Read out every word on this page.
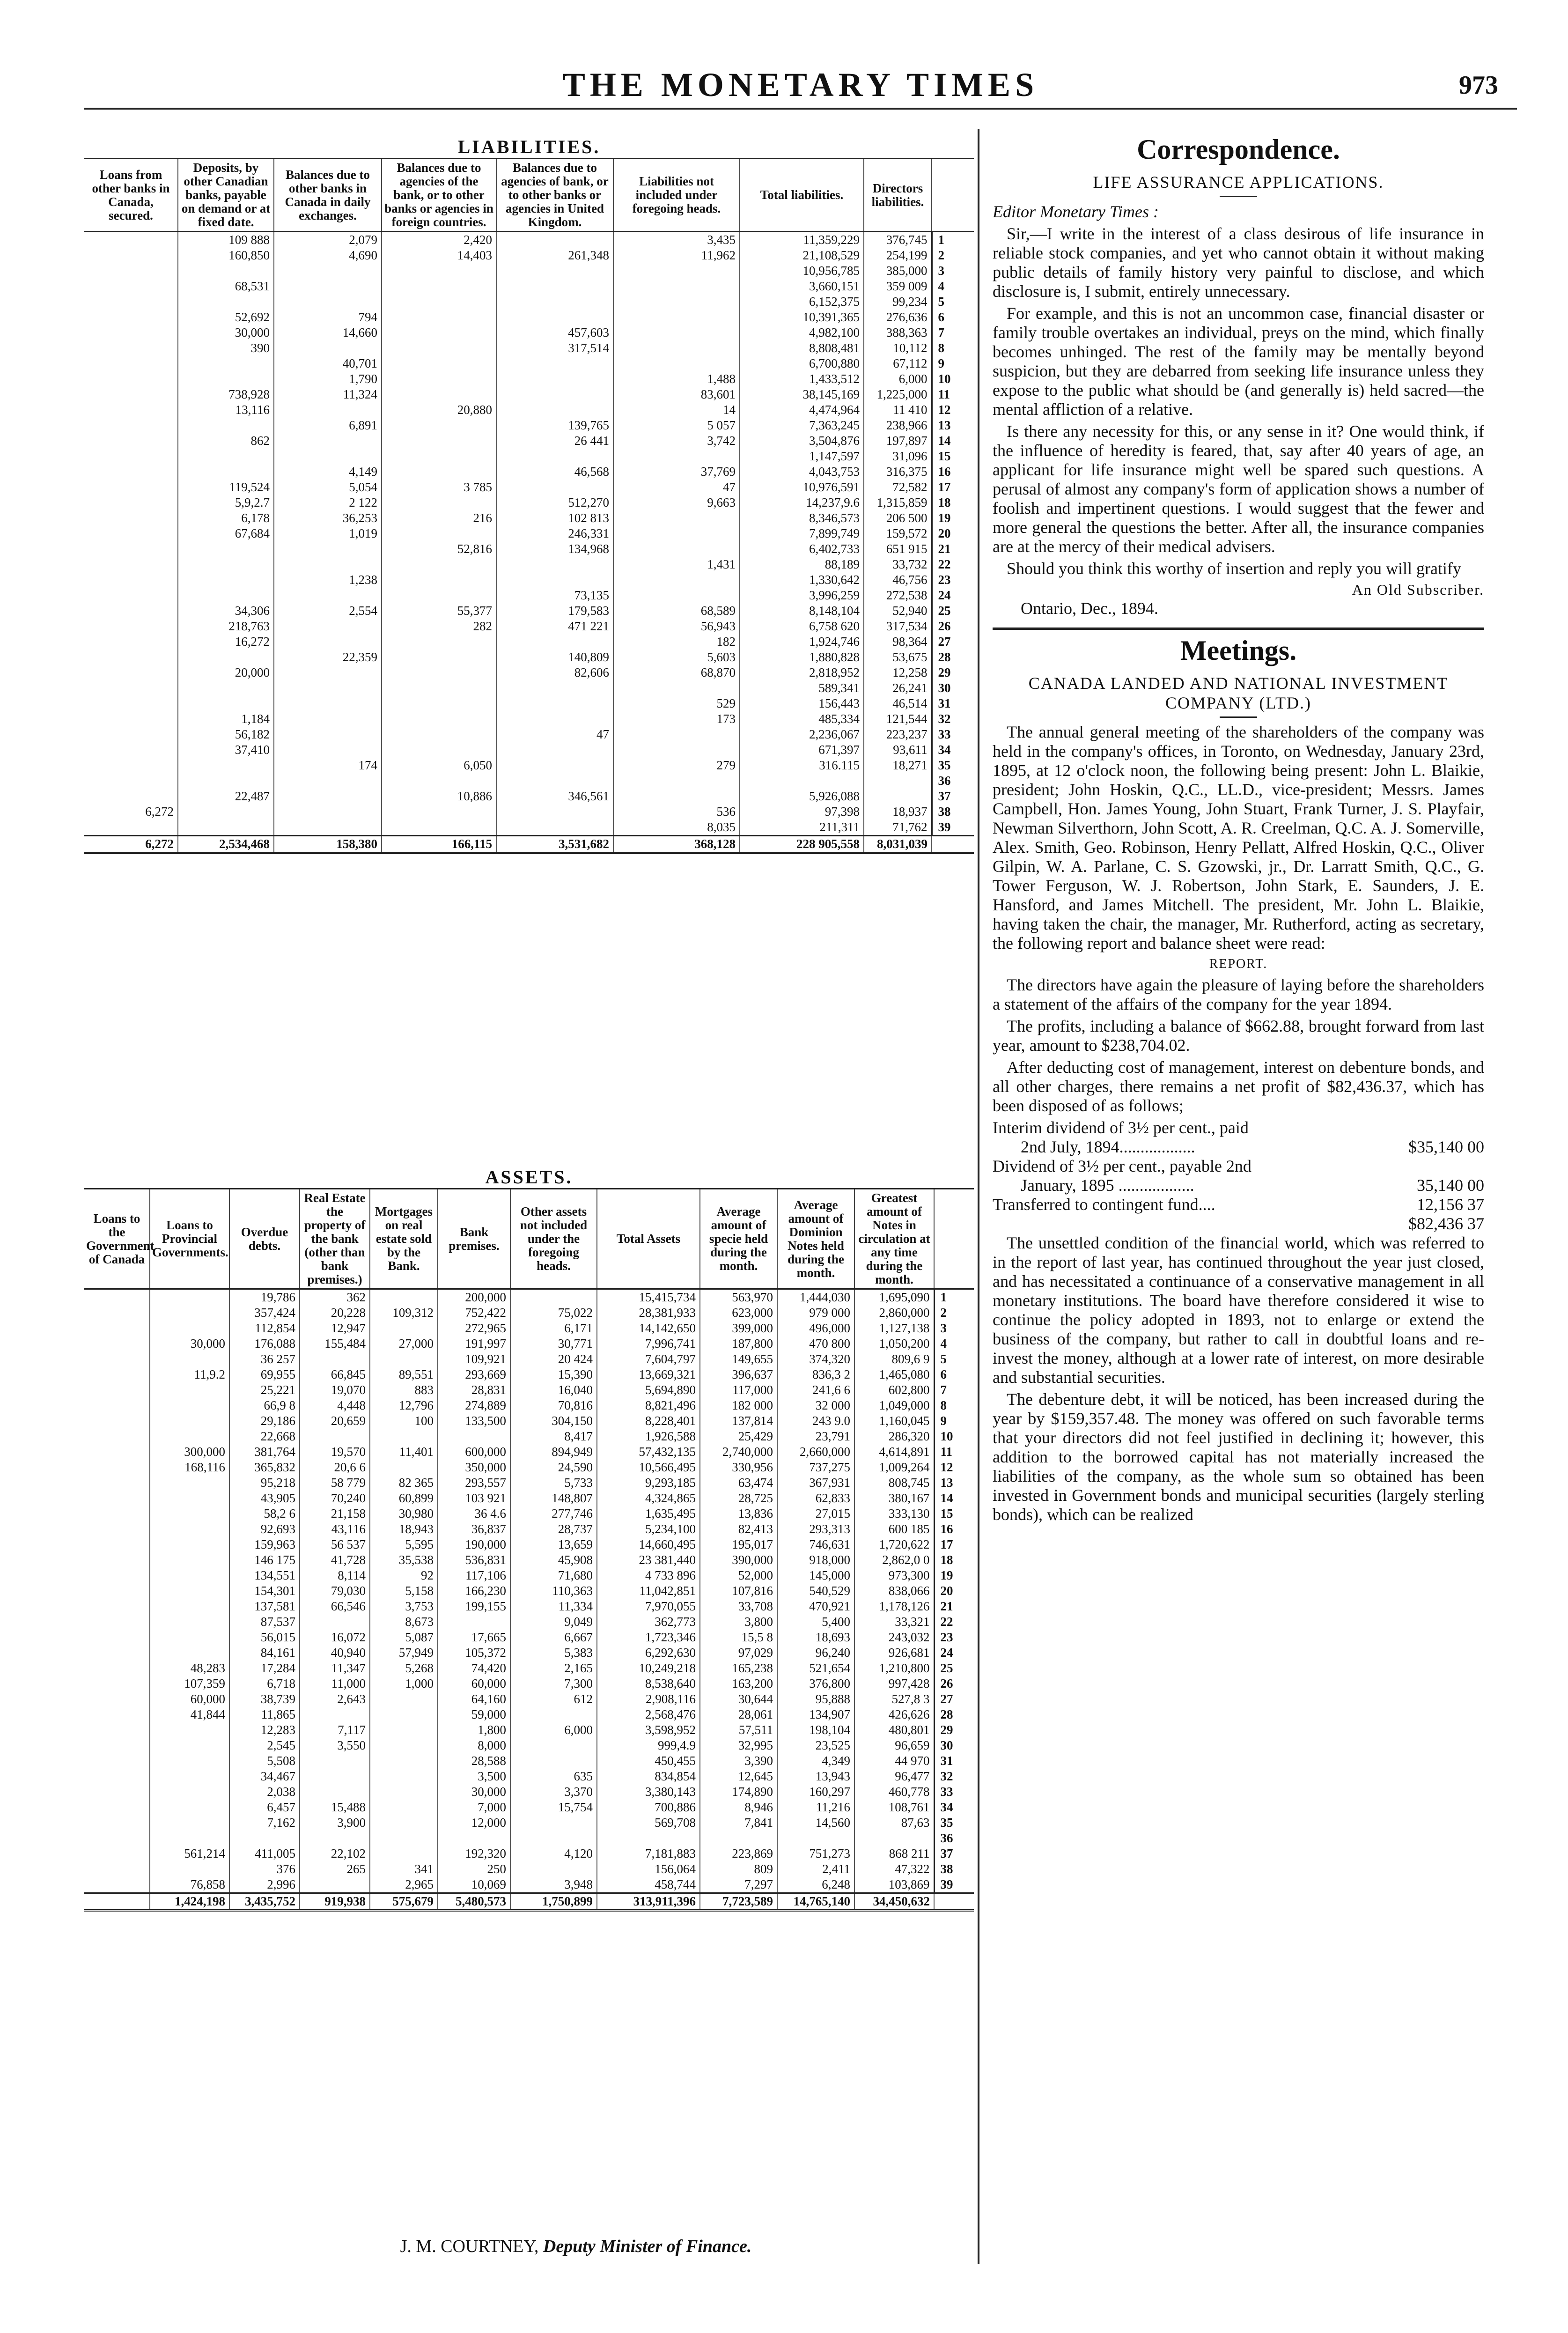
THE MONETARY TIMES	973
LIABILITIES.
Loans from other banks in Canada, secured.	Deposits, by other Canadian banks, payable on demand or at fixed date.	Balances due to other banks in Canada in daily exchanges.	Balances due to agencies of the bank, or to other banks or agencies in foreign countries.	Balances due to agencies of bank, or to other banks or agencies in United Kingdom.	Liabilities not included under foregoing heads.	Total liabilities.	Directors liabilities.	
	109 888	2,079	2,420		3,435	11,359,229	376,745	1
	160,850	4,690	14,403	261,348	11,962	21,108,529	254,199	2
						10,956,785	385,000	3
	68,531					3,660,151	359 009	4
						6,152,375	99,234	5
	52,692	794				10,391,365	276,636	6
	30,000	14,660		457,603		4,982,100	388,363	7
	390			317,514		8,808,481	10,112	8
		40,701				6,700,880	67,112	9
		1,790			1,488	1,433,512	6,000	10
	738,928	11,324			83,601	38,145,169	1,225,000	11
	13,116		20,880		14	4,474,964	11 410	12
		6,891		139,765	5 057	7,363,245	238,966	13
	862			26 441	3,742	3,504,876	197,897	14
						1,147,597	31,096	15
		4,149		46,568	37,769	4,043,753	316,375	16
	119,524	5,054	3 785		47	10,976,591	72,582	17
	5,9,2.7	2 122		512,270	9,663	14,237,9.6	1,315,859	18
	6,178	36,253	216	102 813		8,346,573	206 500	19
	67,684	1,019		246,331		7,899,749	159,572	20
			52,816	134,968		6,402,733	651 915	21
					1,431	88,189	33,732	22
		1,238				1,330,642	46,756	23
				73,135		3,996,259	272,538	24
	34,306	2,554	55,377	179,583	68,589	8,148,104	52,940	25
	218,763		282	471 221	56,943	6,758 620	317,534	26
	16,272				182	1,924,746	98,364	27
		22,359		140,809	5,603	1,880,828	53,675	28
	20,000			82,606	68,870	2,818,952	12,258	29
						589,341	26,241	30
					529	156,443	46,514	31
	1,184				173	485,334	121,544	32
	56,182			47		2,236,067	223,237	33
	37,410					671,397	93,611	34
		174	6,050		279	316.115	18,271	35
								36
	22,487		10,886	346,561		5,926,088		37
6,272					536	97,398	18,937	38
					8,035	211,311	71,762	39
6,272	2,534,468	158,380	166,115	3,531,682	368,128	228 905,558	8,031,039	
ASSETS.
Loans to the Government of Canada	Loans to Provincial Governments.	Overdue debts.	Real Estate the property of the bank (other than bank premises.)	Mortgages on real estate sold by the Bank.	Bank premises.	Other assets not included under the foregoing heads.	Total Assets	Average amount of specie held during the month.	Average amount of Dominion Notes held during the month.	Greatest amount of Notes in circulation at any time during the month.	
		19,786	362		200,000		15,415,734	563,970	1,444,030	1,695,090	1
		357,424	20,228	109,312	752,422	75,022	28,381,933	623,000	979 000	2,860,000	2
		112,854	12,947		272,965	6,171	14,142,650	399,000	496,000	1,127,138	3
	30,000	176,088	155,484	27,000	191,997	30,771	7,996,741	187,800	470 800	1,050,200	4
		36 257			109,921	20 424	7,604,797	149,655	374,320	809,6 9	5
	11,9.2	69,955	66,845	89,551	293,669	15,390	13,669,321	396,637	836,3 2	1,465,080	6
		25,221	19,070	883	28,831	16,040	5,694,890	117,000	241,6 6	602,800	7
		66,9 8	4,448	12,796	274,889	70,816	8,821,496	182 000	32 000	1,049,000	8
		29,186	20,659	100	133,500	304,150	8,228,401	137,814	243 9.0	1,160,045	9
		22,668				8,417	1,926,588	25,429	23,791	286,320	10
	300,000	381,764	19,570	11,401	600,000	894,949	57,432,135	2,740,000	2,660,000	4,614,891	11
	168,116	365,832	20,6 6		350,000	24,590	10,566,495	330,956	737,275	1,009,264	12
		95,218	58 779	82 365	293,557	5,733	9,293,185	63,474	367,931	808,745	13
		43,905	70,240	60,899	103 921	148,807	4,324,865	28,725	62,833	380,167	14
		58,2 6	21,158	30,980	36 4.6	277,746	1,635,495	13,836	27,015	333,130	15
		92,693	43,116	18,943	36,837	28,737	5,234,100	82,413	293,313	600 185	16
		159,963	56 537	5,595	190,000	13,659	14,660,495	195,017	746,631	1,720,622	17
		146 175	41,728	35,538	536,831	45,908	23 381,440	390,000	918,000	2,862,0 0	18
		134,551	8,114	92	117,106	71,680	4 733 896	52,000	145,000	973,300	19
		154,301	79,030	5,158	166,230	110,363	11,042,851	107,816	540,529	838,066	20
		137,581	66,546	3,753	199,155	11,334	7,970,055	33,708	470,921	1,178,126	21
		87,537		8,673		9,049	362,773	3,800	5,400	33,321	22
		56,015	16,072	5,087	17,665	6,667	1,723,346	15,5 8	18,693	243,032	23
		84,161	40,940	57,949	105,372	5,383	6,292,630	97,029	96,240	926,681	24
	48,283	17,284	11,347	5,268	74,420	2,165	10,249,218	165,238	521,654	1,210,800	25
	107,359	6,718	11,000	1,000	60,000	7,300	8,538,640	163,200	376,800	997,428	26
	60,000	38,739	2,643		64,160	612	2,908,116	30,644	95,888	527,8 3	27
	41,844	11,865			59,000		2,568,476	28,061	134,907	426,626	28
		12,283	7,117		1,800	6,000	3,598,952	57,511	198,104	480,801	29
		2,545	3,550		8,000		999,4.9	32,995	23,525	96,659	30
		5,508			28,588		450,455	3,390	4,349	44 970	31
		34,467			3,500	635	834,854	12,645	13,943	96,477	32
		2,038			30,000	3,370	3,380,143	174,890	160,297	460,778	33
		6,457	15,488		7,000	15,754	700,886	8,946	11,216	108,761	34
		7,162	3,900		12,000		569,708	7,841	14,560	87,63	35
											36
	561,214	411,005	22,102		192,320	4,120	7,181,883	223,869	751,273	868 211	37
		376	265	341	250		156,064	809	2,411	47,322	38
	76,858	2,996		2,965	10,069	3,948	458,744	7,297	6,248	103,869	39
	1,424,198	3,435,752	919,938	575,679	5,480,573	1,750,899	313,911,396	7,723,589	14,765,140	34,450,632	
J. M. COURTNEY, Deputy Minister of Finance.
Correspondence.
LIFE ASSURANCE APPLICATIONS.
Editor Monetary Times :

Sir,—I write in the interest of a class desirous of life insurance in reliable stock companies, and yet who cannot obtain it without making public details of family history very painful to disclose, and which disclosure is, I submit, entirely unnecessary.

For example, and this is not an uncommon case, financial disaster or family trouble overtakes an individual, preys on the mind, which finally becomes unhinged. The rest of the family may be mentally beyond suspicion, but they are debarred from seeking life insurance unless they expose to the public what should be (and generally is) held sacred—the mental affliction of a relative.

Is there any necessity for this, or any sense in it? One would think, if the influence of heredity is feared, that, say after 40 years of age, an applicant for life insurance might well be spared such questions. A perusal of almost any company's form of application shows a number of foolish and impertinent questions. I would suggest that the fewer and more general the questions the better. After all, the insurance companies are at the mercy of their medical advisers.

Should you think this worthy of insertion and reply you will gratify

An Old Subscriber.
Ontario, Dec., 1894.
Meetings.
CANADA LANDED AND NATIONAL INVESTMENT COMPANY (LTD.)

The annual general meeting of the shareholders of the company was held in the company's offices, in Toronto, on Wednesday, January 23rd, 1895, at 12 o'clock noon, the following being present: John L. Blaikie, president; John Hoskin, Q.C., LL.D., vice-president; Messrs. James Campbell, Hon. James Young, John Stuart, Frank Turner, J. S. Playfair, Newman Silverthorn, John Scott, A. R. Creelman, Q.C. A. J. Somerville, Alex. Smith, Geo. Robinson, Henry Pellatt, Alfred Hoskin, Q.C., Oliver Gilpin, W. A. Parlane, C. S. Gzowski, jr., Dr. Larratt Smith, Q.C., G. Tower Ferguson, W. J. Robertson, John Stark, E. Saunders, J. E. Hansford, and James Mitchell. The president, Mr. John L. Blaikie, having taken the chair, the manager, Mr. Rutherford, acting as secretary, the following report and balance sheet were read:

REPORT.

The directors have again the pleasure of laying before the shareholders a statement of the affairs of the company for the year 1894.

The profits, including a balance of $662.88, brought forward from last year, amount to $238,704.02.

After deducting cost of management, interest on debenture bonds, and all other charges, there remains a net profit of $82,436.37, which has been disposed of as follows;

Interim dividend of 3½ per cent., paid
2nd July, 1894..................	$35,140 00
Dividend of 3½ per cent., payable 2nd
January, 1895 ..................	35,140 00
Transferred to contingent fund....	12,156 37
$82,436 37

The unsettled condition of the financial world, which was referred to in the report of last year, has continued throughout the year just closed, and has necessitated a continuance of a conservative management in all monetary institutions. The board have therefore considered it wise to continue the policy adopted in 1893, not to enlarge or extend the business of the company, but rather to call in doubtful loans and re-invest the money, although at a lower rate of interest, on more desirable and substantial securities.

The debenture debt, it will be noticed, has been increased during the year by $159,357.48. The money was offered on such favorable terms that your directors did not feel justified in declining it; however, this addition to the borrowed capital has not materially increased the liabilities of the company, as the whole sum so obtained has been invested in Government bonds and municipal securities (largely sterling bonds), which can be realized
